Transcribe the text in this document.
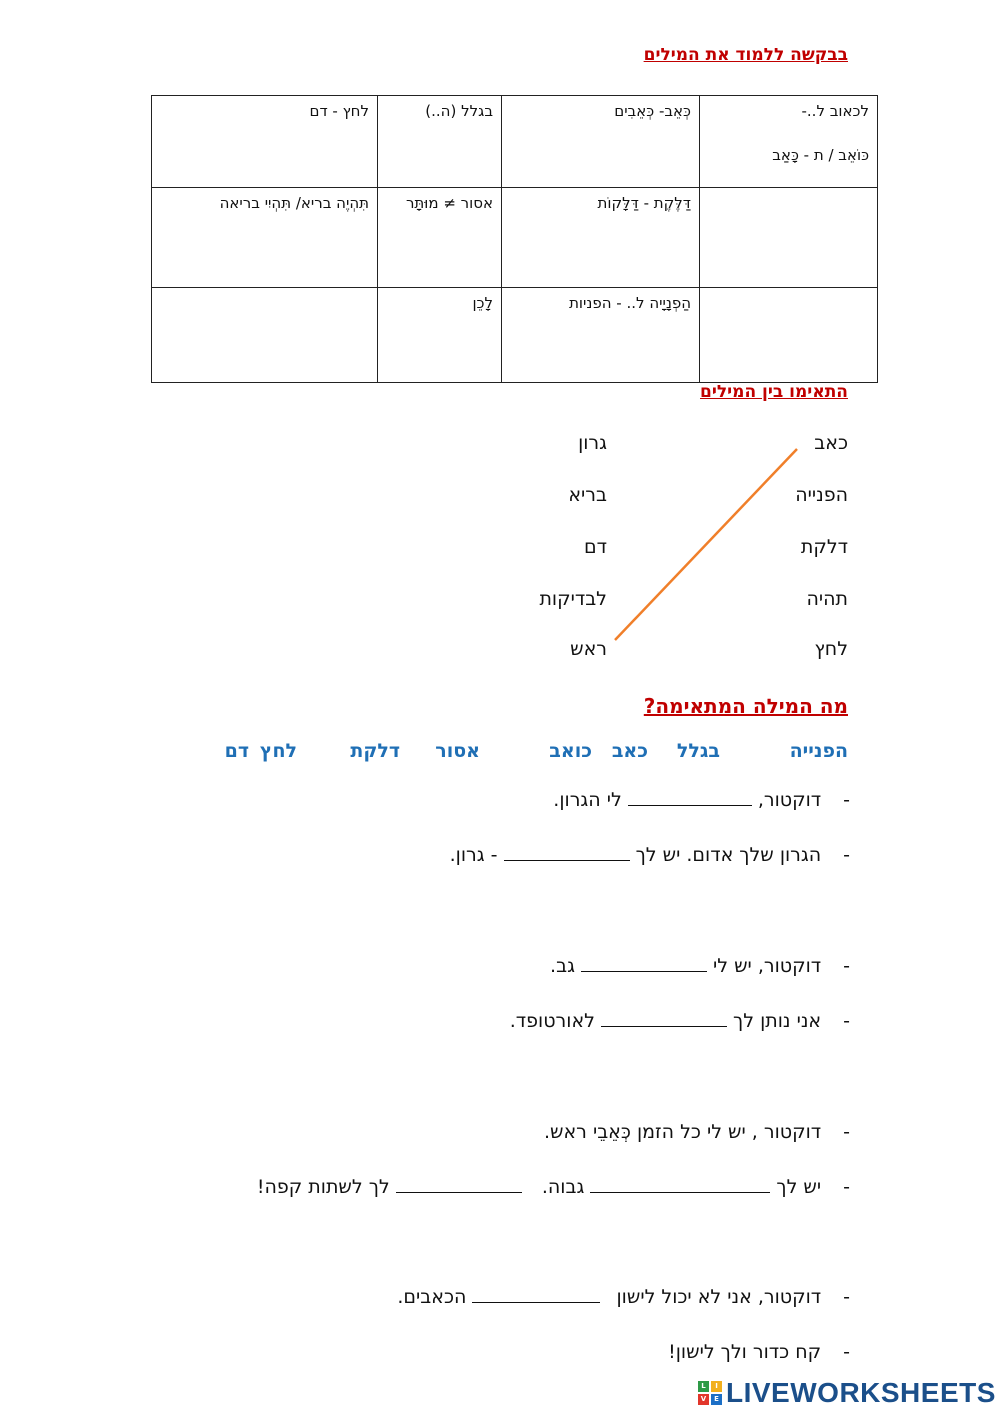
בבקשה ללמוד את המילים
לכאוב ל..-
כּוֹאֵב / ת - כָּאַב	כְּאֵב- כְּאֵבִים	בגלל (ה..)	לחץ - דם
	דַּלֶּקֶת - דַּלָּקוֹת	אסור ≠ מוּתָּר	תִּהְיֶה בריא/ תִּהְיִי בריאה
	הַפְנָיָיה ל.. - הפניות	לָכֵן	
התאימו בין המילים
כאב
הפנייה
דלקת
תהיה
לחץ
גרון
בריא
דם
לבדיקות
ראש
מה המילה המתאימה?
הפנייה
בגלל
כאב
כואב
אסור
דלקת
לחץ
דם
-דוקטור,  לי הגרון.
-הגרון שלך אדום. יש לך  - גרון.
-דוקטור, יש לי  גב.
-אני נותן לך  לאורטופד.
-דוקטור , יש לי כל הזמן כְּאֵבֵי ראש.
-יש לך  גבוה.  לך לשתות קפה!
-דוקטור, אני לא יכול לישון  הכאבים.
-קח כדור ולך לישון!
L	I
V	E LIVEWORKSHEETS
